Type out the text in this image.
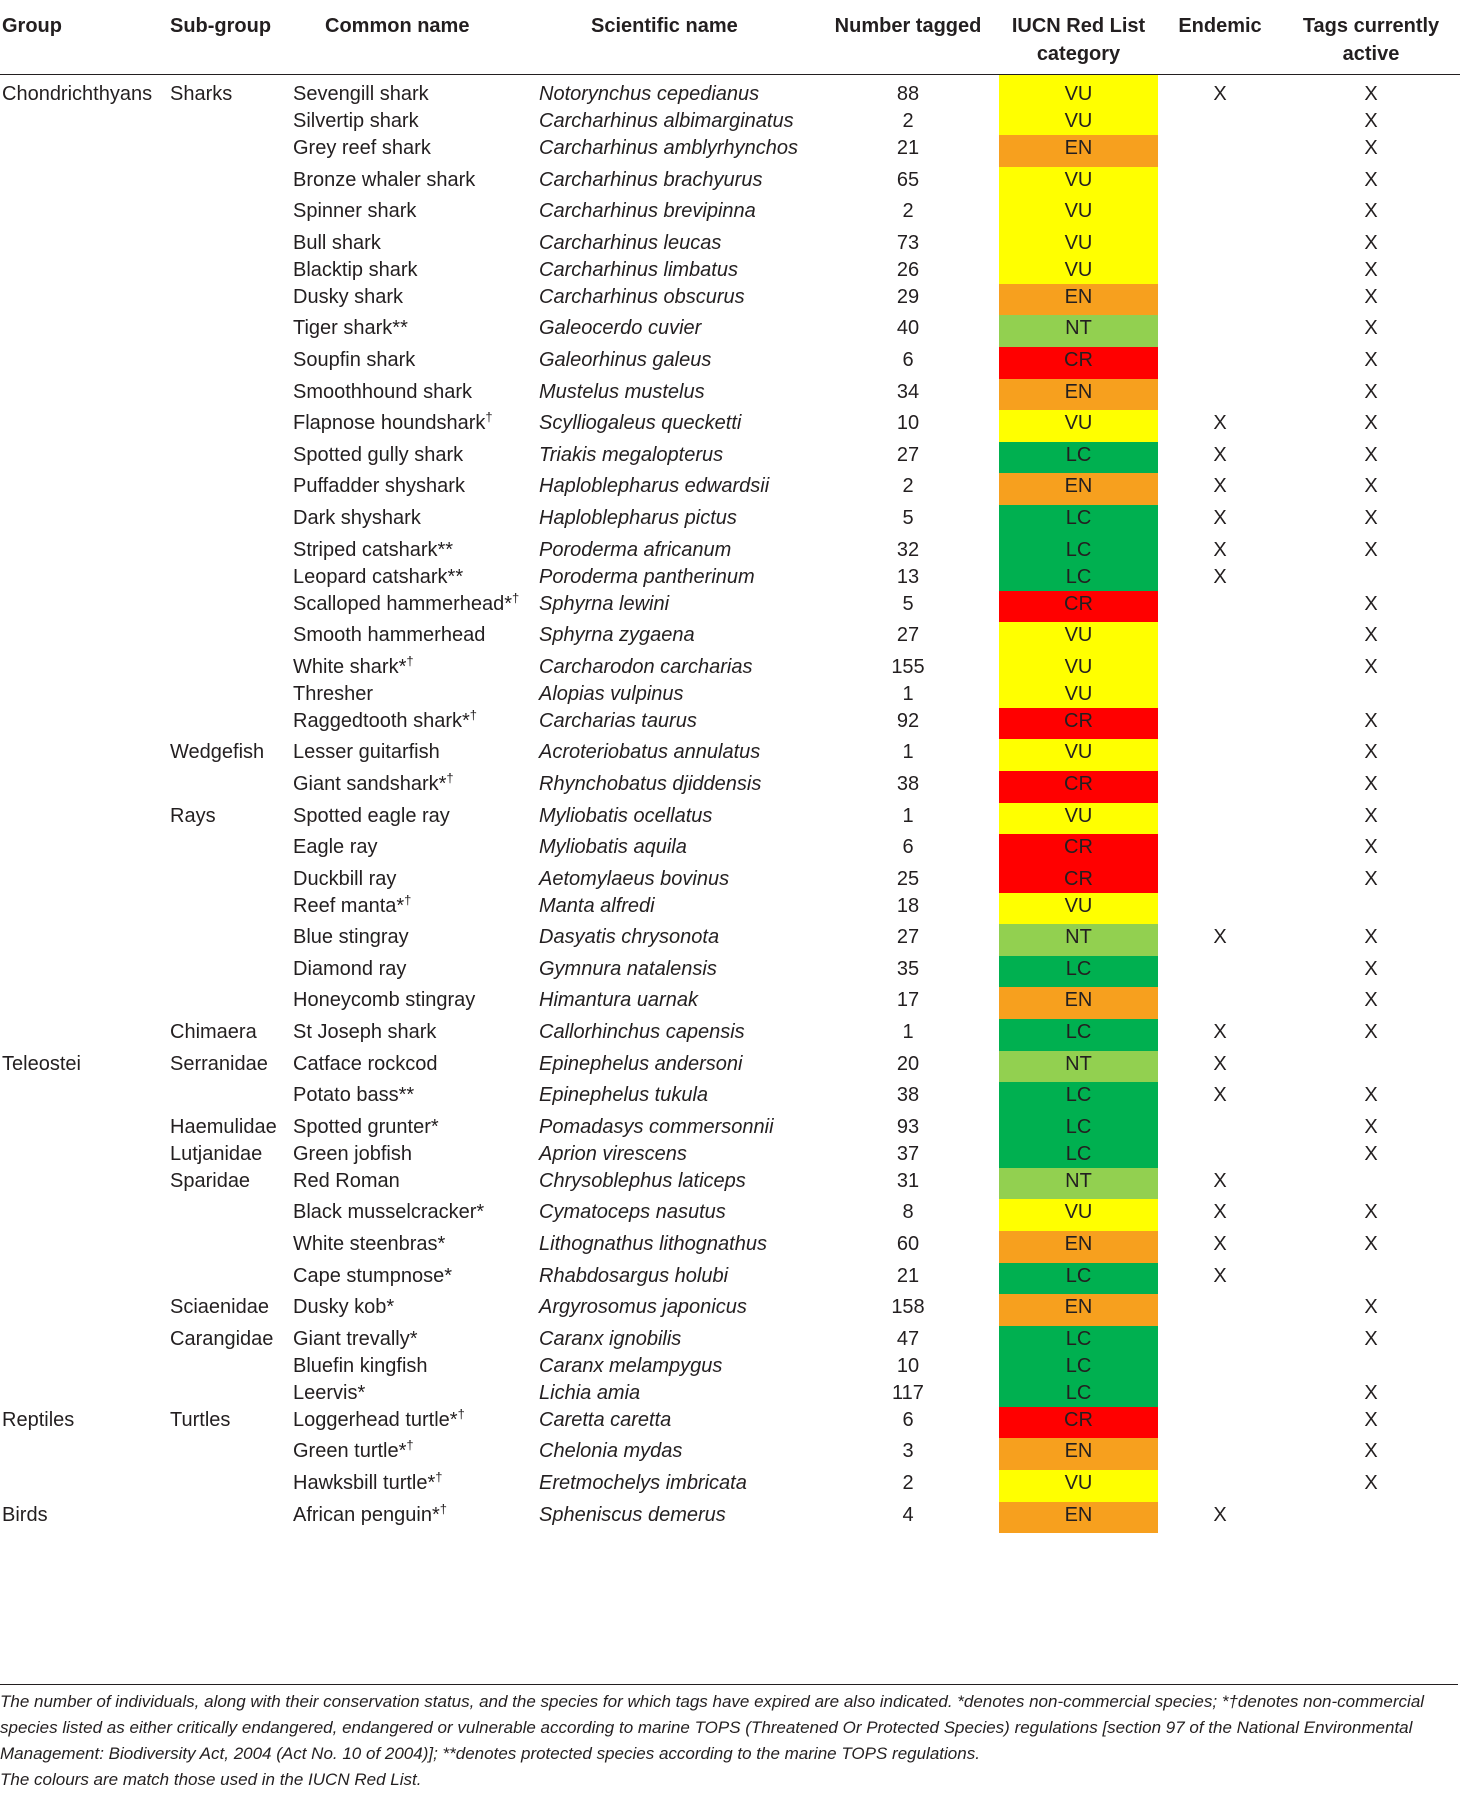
Group	Sub-group	Common name	Scientific name	Number tagged	IUCN Red List category	Endemic	Tags currently active
Chondrichthyans	Sharks	Sevengill shark	Notorynchus cepedianus	88	VU	X	X
		Silvertip shark	Carcharhinus albimarginatus	2	VU		X
		Grey reef shark	Carcharhinus amblyrhynchos	21	EN		X
		Bronze whaler shark	Carcharhinus brachyurus	65	VU		X
		Spinner shark	Carcharhinus brevipinna	2	VU		X
		Bull shark	Carcharhinus leucas	73	VU		X
		Blacktip shark	Carcharhinus limbatus	26	VU		X
		Dusky shark	Carcharhinus obscurus	29	EN		X
		Tiger shark**	Galeocerdo cuvier	40	NT		X
		Soupfin shark	Galeorhinus galeus	6	CR		X
		Smoothhound shark	Mustelus mustelus	34	EN		X
		Flapnose houndshark†	Scylliogaleus quecketti	10	VU	X	X
		Spotted gully shark	Triakis megalopterus	27	LC	X	X
		Puffadder shyshark	Haploblepharus edwardsii	2	EN	X	X
		Dark shyshark	Haploblepharus pictus	5	LC	X	X
		Striped catshark**	Poroderma africanum	32	LC	X	X
		Leopard catshark**	Poroderma pantherinum	13	LC	X	
		Scalloped hammerhead*†	Sphyrna lewini	5	CR		X
		Smooth hammerhead	Sphyrna zygaena	27	VU		X
		White shark*†	Carcharodon carcharias	155	VU		X
		Thresher	Alopias vulpinus	1	VU		
		Raggedtooth shark*†	Carcharias taurus	92	CR		X
	Wedgefish	Lesser guitarfish	Acroteriobatus annulatus	1	VU		X
		Giant sandshark*†	Rhynchobatus djiddensis	38	CR		X
	Rays	Spotted eagle ray	Myliobatis ocellatus	1	VU		X
		Eagle ray	Myliobatis aquila	6	CR		X
		Duckbill ray	Aetomylaeus bovinus	25	CR		X
		Reef manta*†	Manta alfredi	18	VU		
		Blue stingray	Dasyatis chrysonota	27	NT	X	X
		Diamond ray	Gymnura natalensis	35	LC		X
		Honeycomb stingray	Himantura uarnak	17	EN		X
	Chimaera	St Joseph shark	Callorhinchus capensis	1	LC	X	X
Teleostei	Serranidae	Catface rockcod	Epinephelus andersoni	20	NT	X	
		Potato bass**	Epinephelus tukula	38	LC	X	X
	Haemulidae	Spotted grunter*	Pomadasys commersonnii	93	LC		X
	Lutjanidae	Green jobfish	Aprion virescens	37	LC		X
	Sparidae	Red Roman	Chrysoblephus laticeps	31	NT	X	
		Black musselcracker*	Cymatoceps nasutus	8	VU	X	X
		White steenbras*	Lithognathus lithognathus	60	EN	X	X
		Cape stumpnose*	Rhabdosargus holubi	21	LC	X	
	Sciaenidae	Dusky kob*	Argyrosomus japonicus	158	EN		X
	Carangidae	Giant trevally*	Caranx ignobilis	47	LC		X
		Bluefin kingfish	Caranx melampygus	10	LC		
		Leervis*	Lichia amia	117	LC		X
Reptiles	Turtles	Loggerhead turtle*†	Caretta caretta	6	CR		X
		Green turtle*†	Chelonia mydas	3	EN		X
		Hawksbill turtle*†	Eretmochelys imbricata	2	VU		X
Birds		African penguin*†	Spheniscus demerus	4	EN	X	

The number of individuals, along with their conservation status, and the species for which tags have expired are also indicated. *denotes non-commercial species; *†denotes non-commercial species listed as either critically endangered, endangered or vulnerable according to marine TOPS (Threatened Or Protected Species) regulations [section 97 of the National Environmental Management: Biodiversity Act, 2004 (Act No. 10 of 2004)]; **denotes protected species according to the marine TOPS regulations.

The colours are match those used in the IUCN Red List.
